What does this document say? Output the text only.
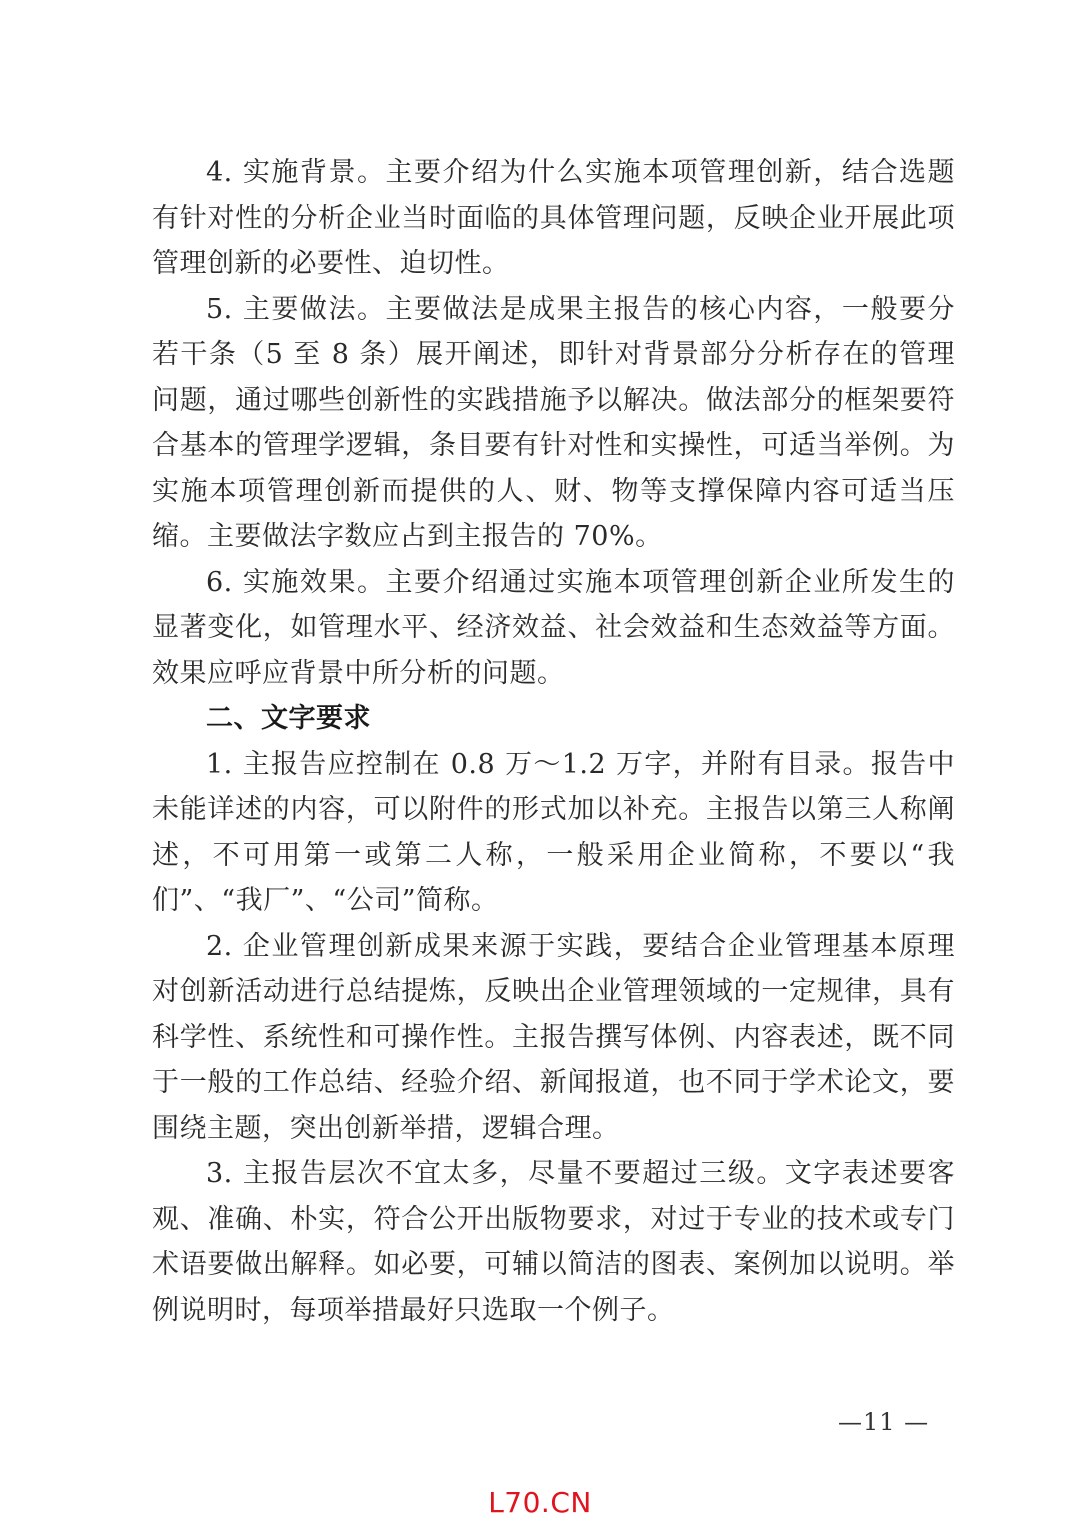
4. 实施背景。主要介绍为什么实施本项管理创新，结合选题有针对性的分析企业当时面临的具体管理问题，反映企业开展此项管理创新的必要性、迫切性。

5. 主要做法。主要做法是成果主报告的核心内容，一般要分若干条（5 至 8 条）展开阐述，即针对背景部分分析存在的管理问题，通过哪些创新性的实践措施予以解决。做法部分的框架要符合基本的管理学逻辑，条目要有针对性和实操性，可适当举例。为实施本项管理创新而提供的人、财、物等支撑保障内容可适当压缩。主要做法字数应占到主报告的 70%。

6. 实施效果。主要介绍通过实施本项管理创新企业所发生的显著变化，如管理水平、经济效益、社会效益和生态效益等方面。效果应呼应背景中所分析的问题。

二、文字要求

1. 主报告应控制在 0.8 万～1.2 万字，并附有目录。报告中未能详述的内容，可以附件的形式加以补充。主报告以第三人称阐述，不可用第一或第二人称，一般采用企业简称，不要以“我们”、“我厂”、“公司”简称。

2. 企业管理创新成果来源于实践，要结合企业管理基本原理对创新活动进行总结提炼，反映出企业管理领域的一定规律，具有科学性、系统性和可操作性。主报告撰写体例、内容表述，既不同于一般的工作总结、经验介绍、新闻报道，也不同于学术论文，要围绕主题，突出创新举措，逻辑合理。

3. 主报告层次不宜太多，尽量不要超过三级。文字表述要客观、准确、朴实，符合公开出版物要求，对过于专业的技术或专门术语要做出解释。如必要，可辅以简洁的图表、案例加以说明。举例说明时，每项举措最好只选取一个例子。

—11 —
L70.CN
